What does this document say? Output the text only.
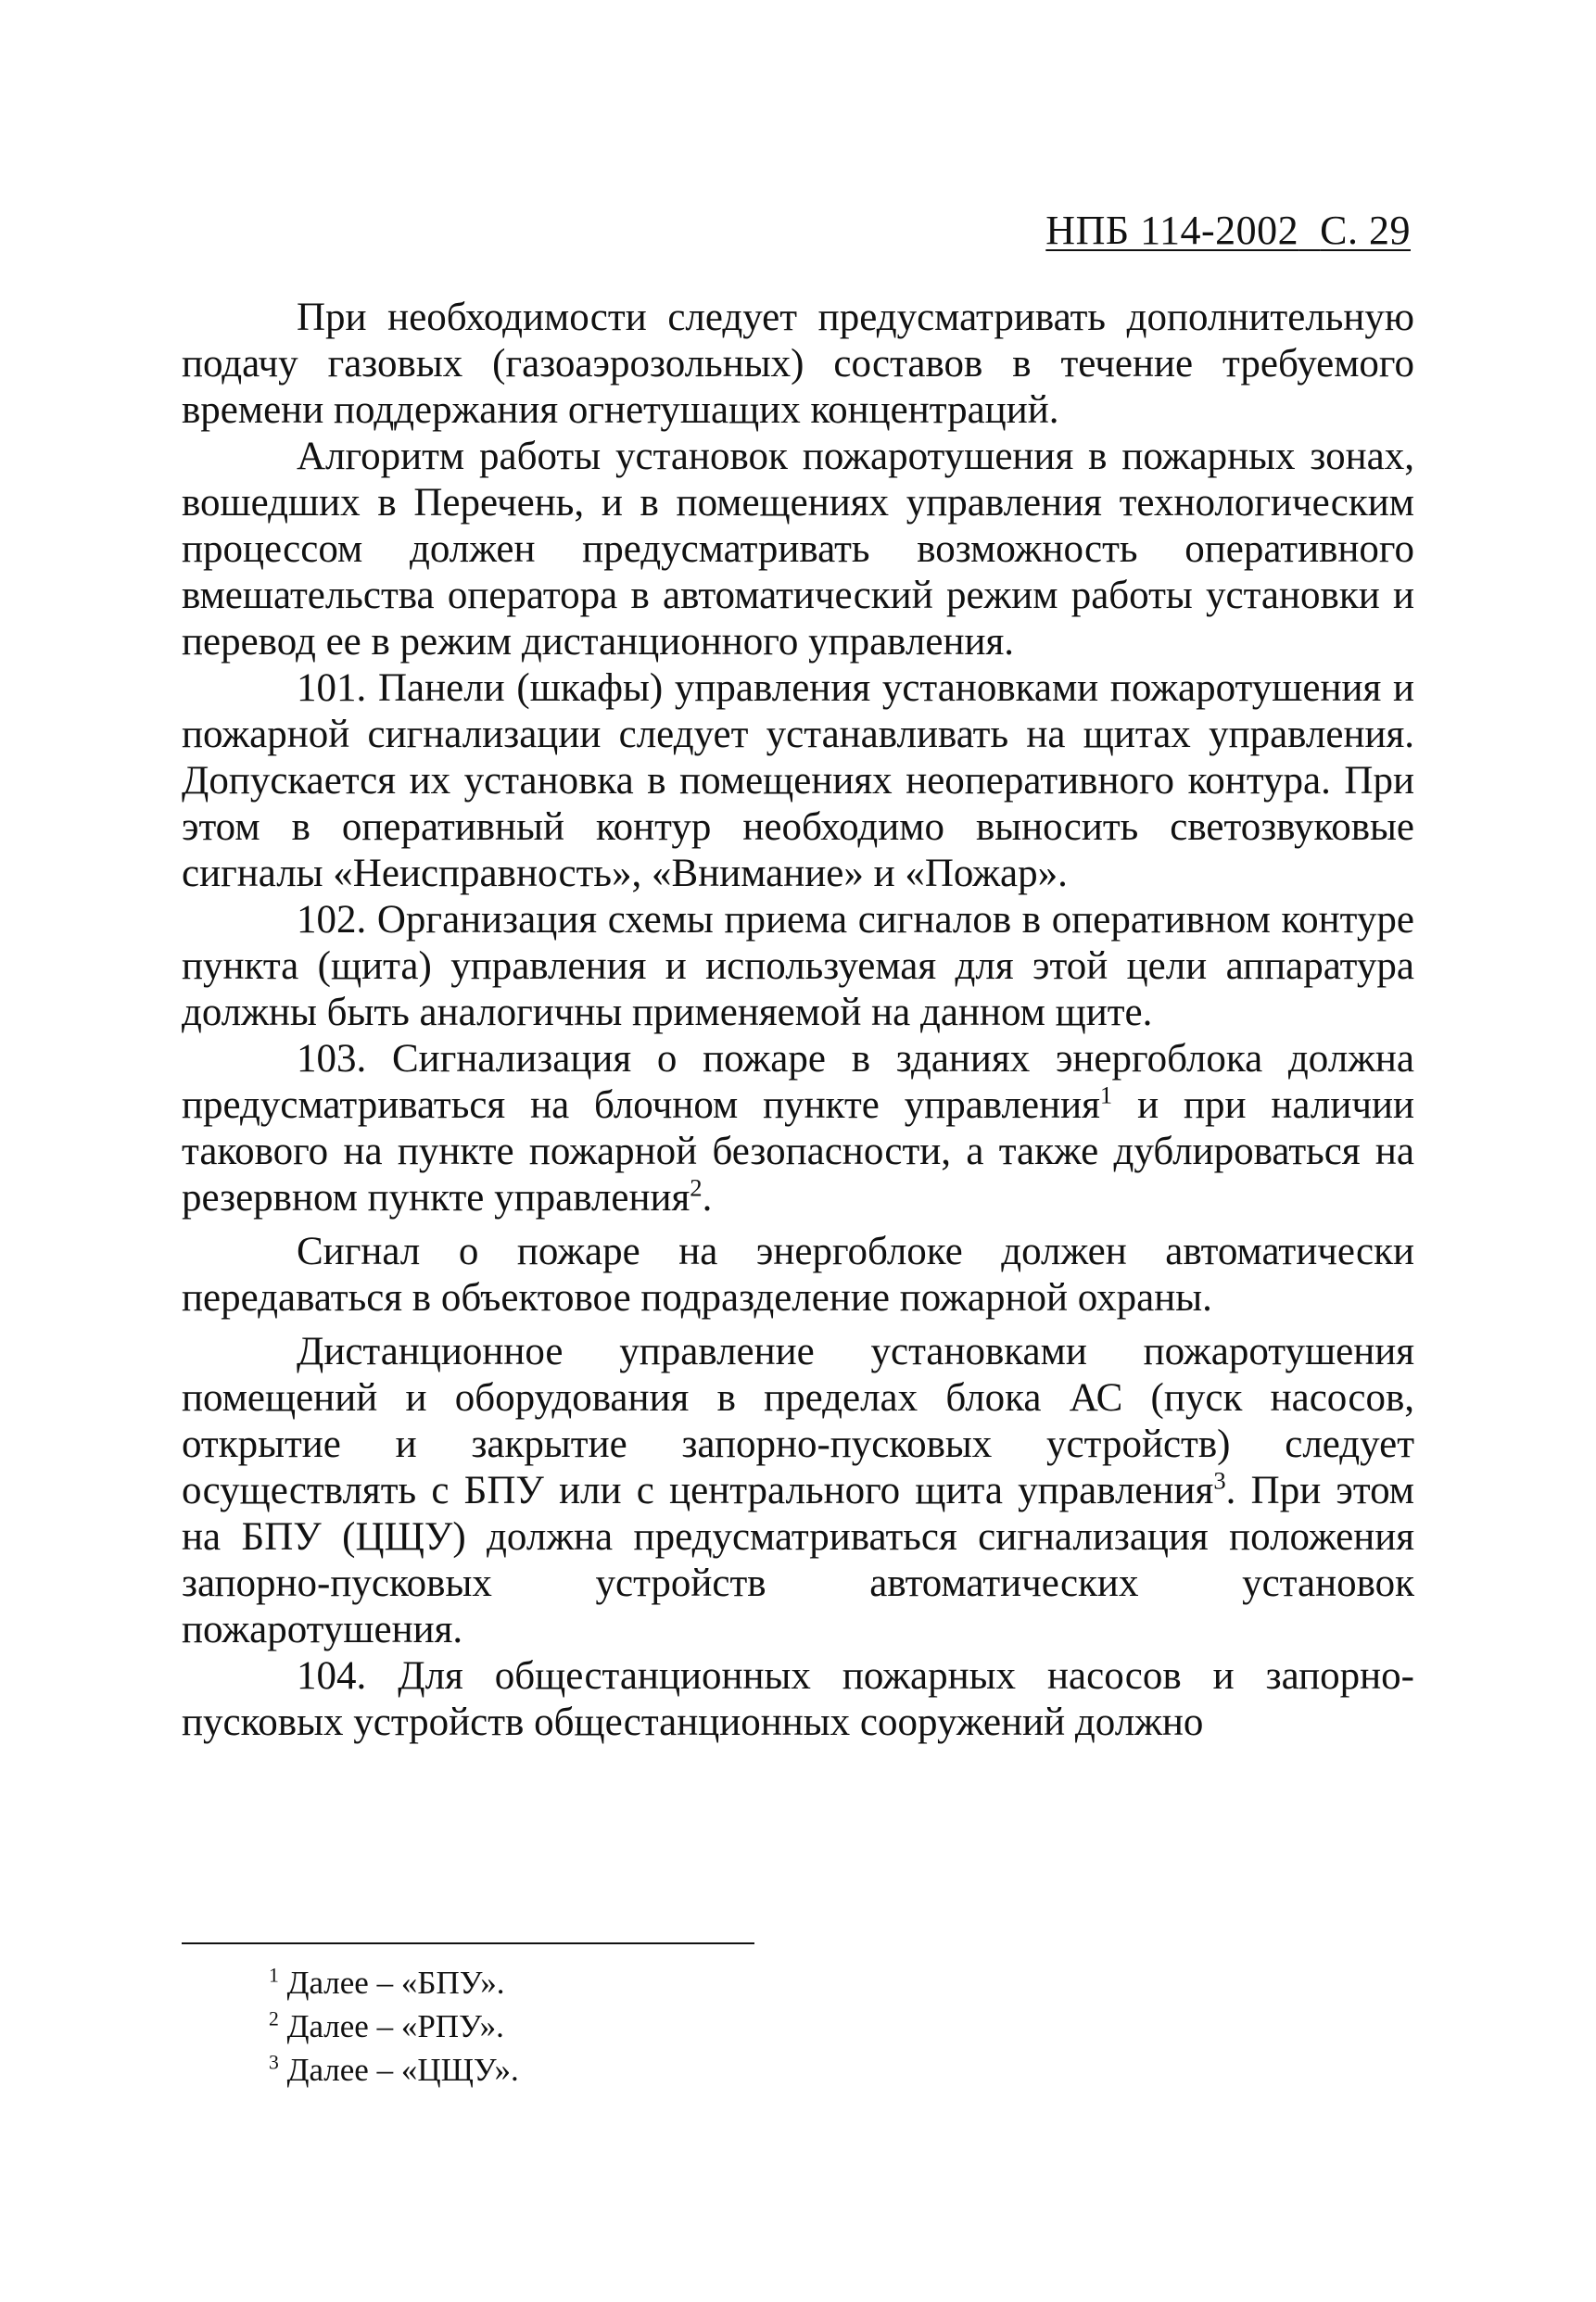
НПБ 114-2002 С. 29

При необходимости следует предусматривать дополнительную подачу газовых (газоаэрозольных) составов в течение требуемого времени поддержания огнетушащих концентраций.

Алгоритм работы установок пожаротушения в пожарных зонах, вошедших в Перечень, и в помещениях управления технологическим процессом должен предусматривать возможность оперативного вмешательства оператора в автоматический режим работы установки и перевод ее в режим дистанционного управления.

101. Панели (шкафы) управления установками пожаротушения и пожарной сигнализации следует устанавливать на щитах управления. Допускается их установка в помещениях неоперативного контура. При этом в оперативный контур необходимо выносить светозвуковые сигналы «Неисправность», «Внимание» и «Пожар».

102. Организация схемы приема сигналов в оперативном контуре пункта (щита) управления и используемая для этой цели аппаратура должны быть аналогичны применяемой на данном щите.

103. Сигнализация о пожаре в зданиях энергоблока должна предусматриваться на блочном пункте управления$^1$ и при наличии такового на пункте пожарной безопасности, а также дублироваться на резервном пункте управления$^2$.

Сигнал о пожаре на энергоблоке должен автоматически передаваться в объектовое подразделение пожарной охраны.

Дистанционное управление установками пожаротушения помещений и оборудования в пределах блока АС (пуск насосов, открытие и закрытие запорно-пусковых устройств) следует осуществлять с БПУ или с центрального щита управления$^3$. При этом на БПУ (ЦЩУ) должна предусматриваться сигнализация положения запорно-пусковых устройств автоматических установок пожаротушения.

104. Для общестанционных пожарных насосов и запорно-пусковых устройств общестанционных сооружений должно

$^1$ Далее – «БПУ».
$^2$ Далее – «РПУ».
$^3$ Далее – «ЦЩУ».
